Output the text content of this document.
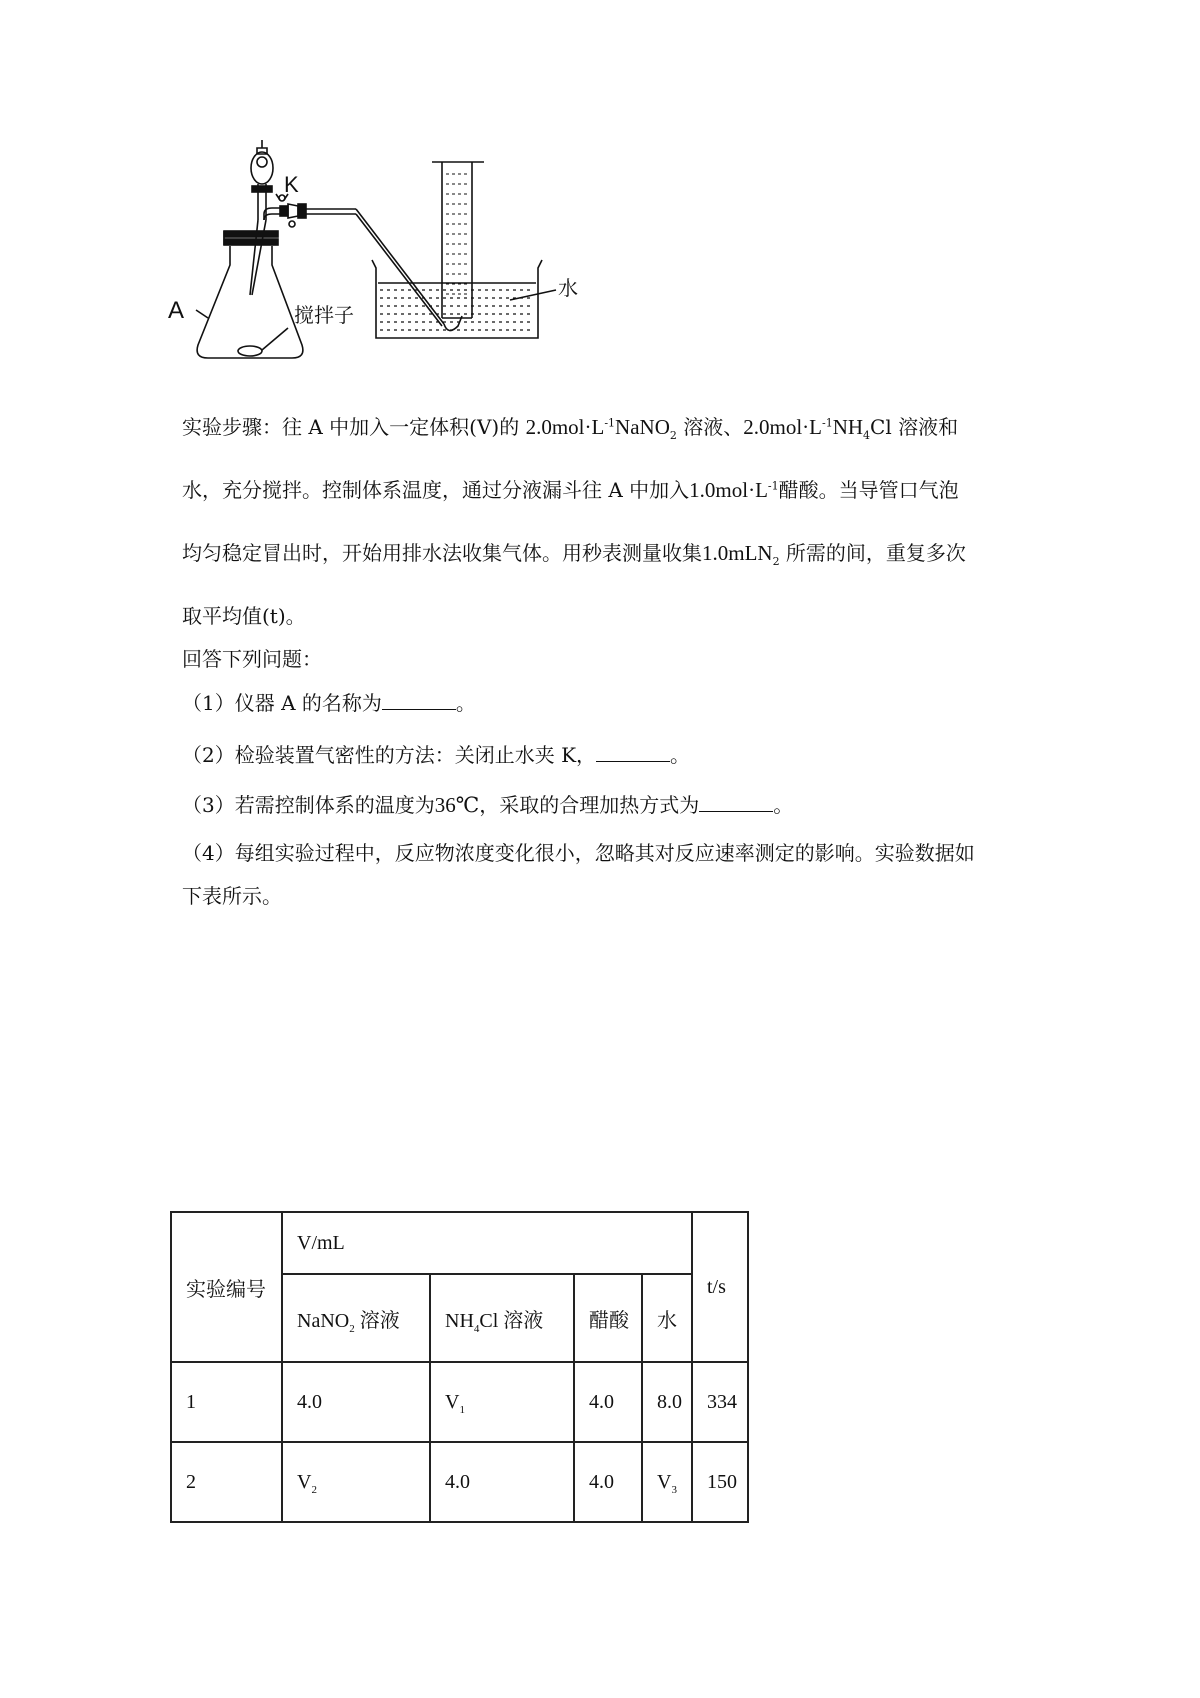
K
A	搅拌子
水
实验步骤：往 A 中加入一定体积(V)的 $2.0mol\cdot L^{-1}NaNO_2$ 溶液、$2.0mol\cdot L^{-1}NH_4Cl$ 溶液和
水，充分搅拌。控制体系温度，通过分液漏斗往 A 中加入$1.0mol\cdot L^{-1}$醋酸。当导管口气泡
均匀稳定冒出时，开始用排水法收集气体。用秒表测量收集1.0mLN$_2$ 所需的间，重复多次
取平均值(t)。
回答下列问题：
（1）仪器 A 的名称为	。
（2）检验装置气密性的方法：关闭止水夹 K，	。
（3）若需控制体系的温度为36℃，采取的合理加热方式为	。
（4）每组实验过程中，反应物浓度变化很小，忽略其对反应速率测定的影响。实验数据如
下表所示。
实验编号	V/mL				t/s
	NaNO$_2$ 溶液	$NH_4Cl$ 溶液	醋酸	水	
1	4.0	$V_1$	4.0	8.0	334
2	$V_2$	4.0	4.0	$V_3$	150
